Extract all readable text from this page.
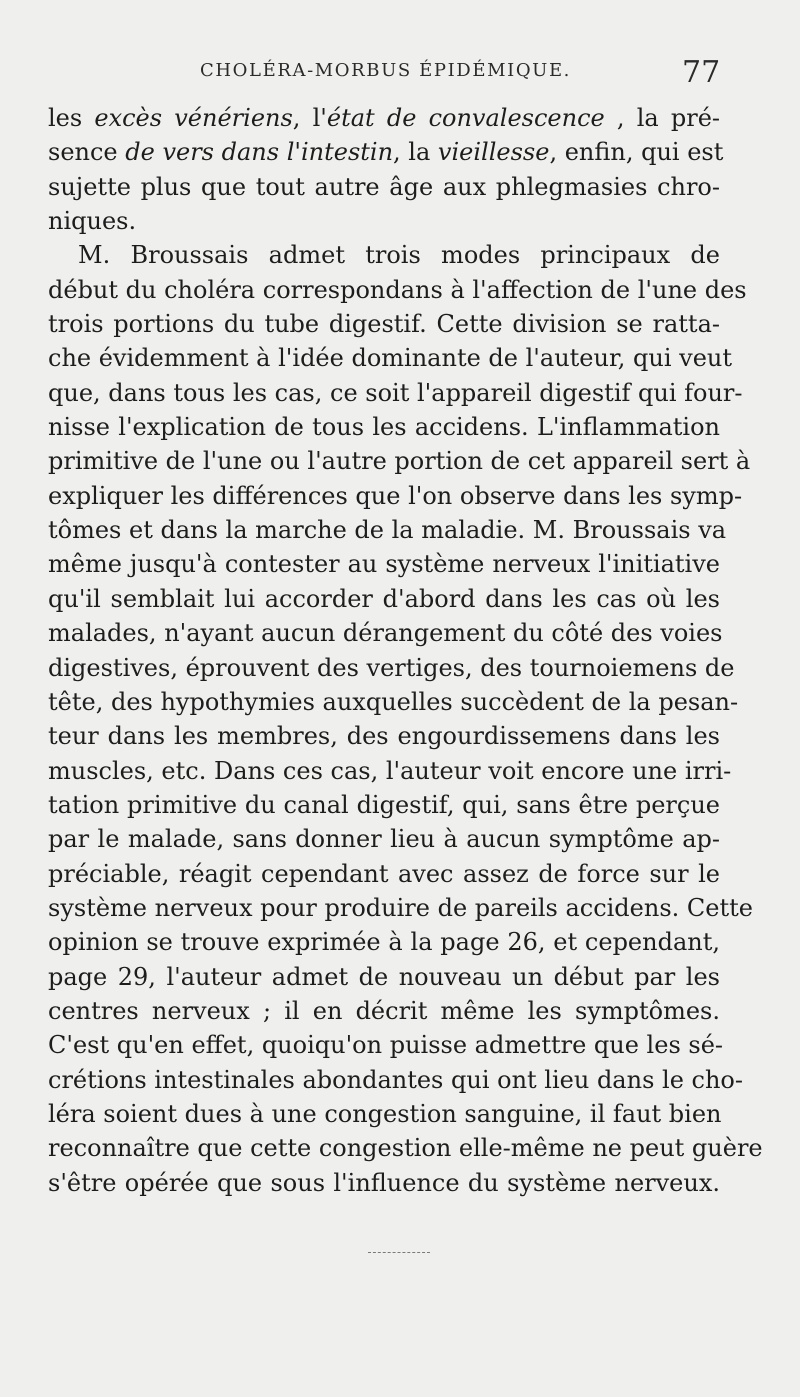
CHOLÉRA-MORBUS ÉPIDÉMIQUE.	77
les excès vénériens, l'état de convalescence , la pré-
sence de vers dans l'intestin, la vieillesse, enfin, qui est
sujette plus que tout autre âge aux phlegmasies chro-
niques.
M. Broussais admet trois modes principaux de
début du choléra correspondans à l'affection de l'une des
trois portions du tube digestif. Cette division se ratta-
che évidemment à l'idée dominante de l'auteur, qui veut
que, dans tous les cas, ce soit l'appareil digestif qui four-
nisse l'explication de tous les accidens. L'inflammation
primitive de l'une ou l'autre portion de cet appareil sert à
expliquer les différences que l'on observe dans les symp-
tômes et dans la marche de la maladie. M. Broussais va
même jusqu'à contester au système nerveux l'initiative
qu'il semblait lui accorder d'abord dans les cas où les
malades, n'ayant aucun dérangement du côté des voies
digestives, éprouvent des vertiges, des tournoiemens de
tête, des hypothymies auxquelles succèdent de la pesan-
teur dans les membres, des engourdissemens dans les
muscles, etc. Dans ces cas, l'auteur voit encore une irri-
tation primitive du canal digestif, qui, sans être perçue
par le malade, sans donner lieu à aucun symptôme ap-
préciable, réagit cependant avec assez de force sur le
système nerveux pour produire de pareils accidens. Cette
opinion se trouve exprimée à la page 26, et cependant,
page 29, l'auteur admet de nouveau un début par les
centres nerveux ; il en décrit même les symptômes.
C'est qu'en effet, quoiqu'on puisse admettre que les sé-
crétions intestinales abondantes qui ont lieu dans le cho-
léra soient dues à une congestion sanguine, il faut bien
reconnaître que cette congestion elle-même ne peut guère
s'être opérée que sous l'influence du système nerveux.
